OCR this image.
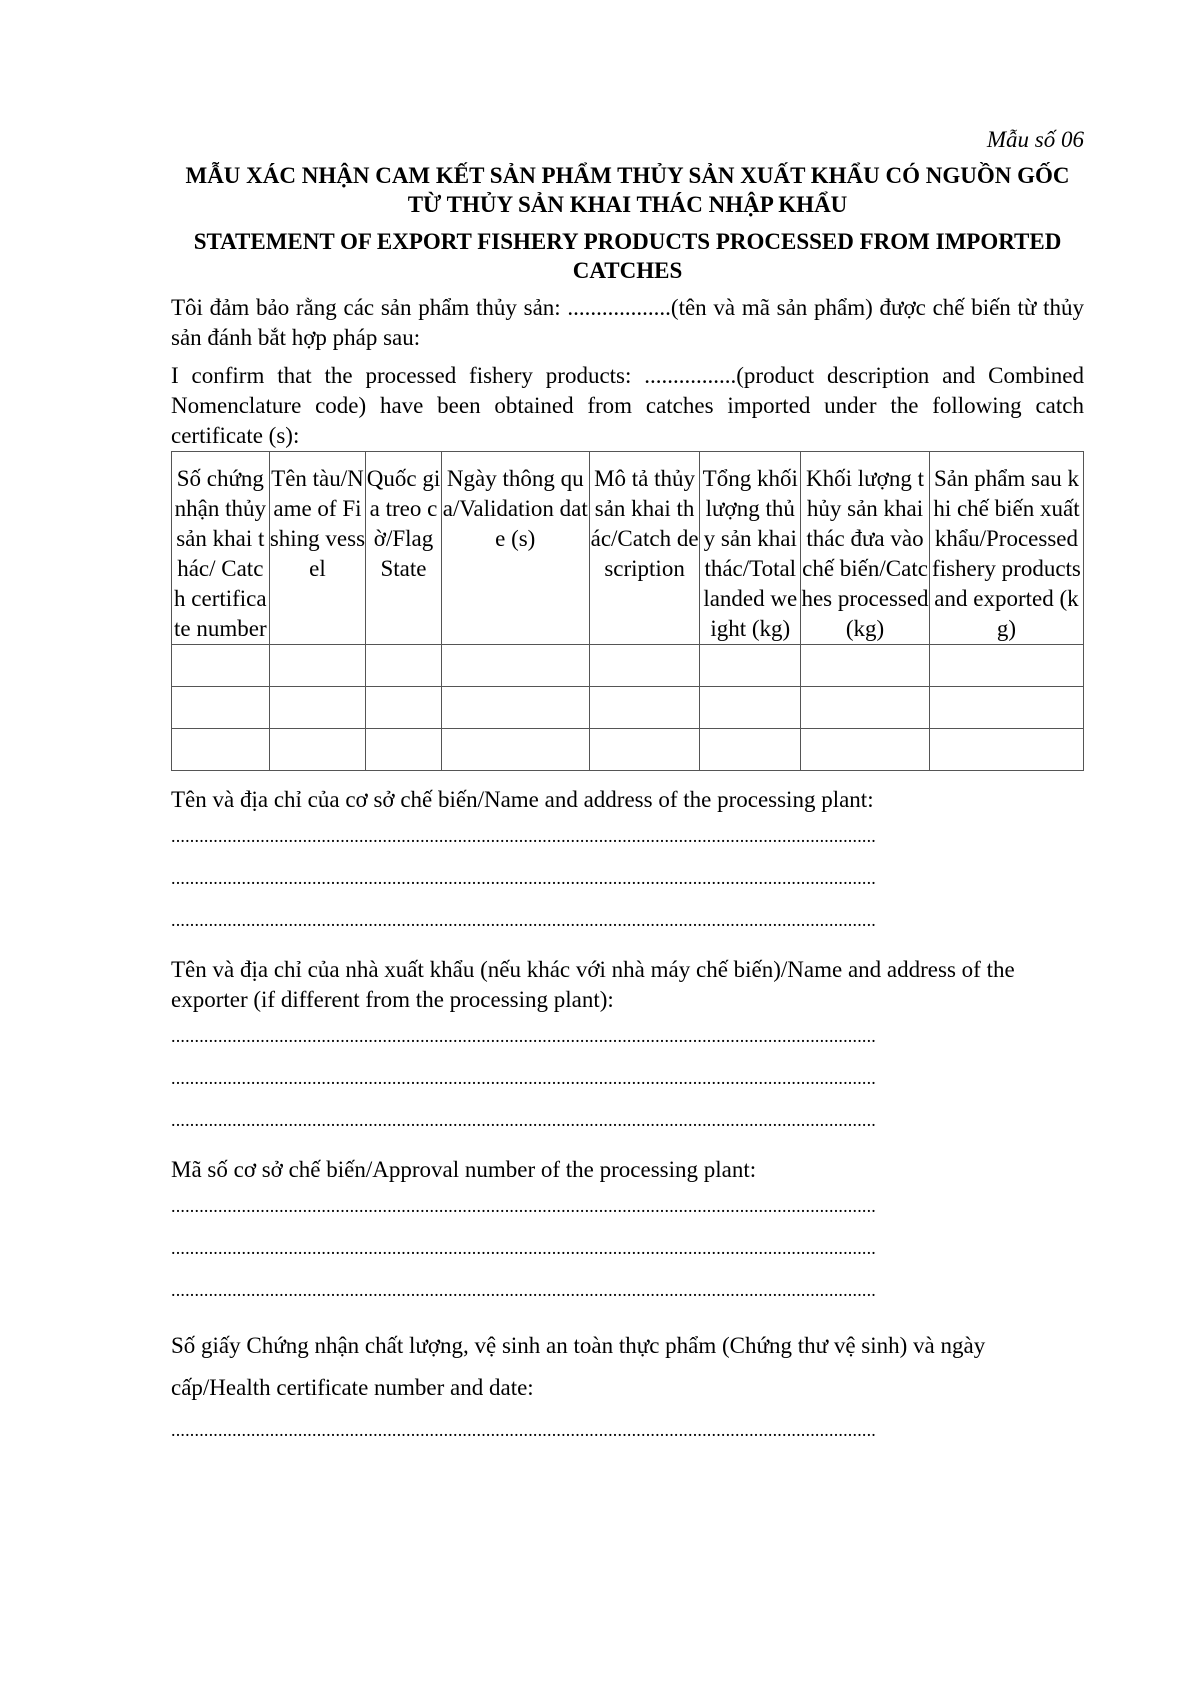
Mẫu số 06
MẪU XÁC NHẬN CAM KẾT SẢN PHẨM THỦY SẢN XUẤT KHẨU CÓ NGUỒN GỐC TỪ THỦY SẢN KHAI THÁC NHẬP KHẨU
STATEMENT OF EXPORT FISHERY PRODUCTS PROCESSED FROM IMPORTED CATCHES

Tôi đảm bảo rằng các sản phẩm thủy sản: ..................(tên và mã sản phẩm) được chế biến từ thủy sản đánh bắt hợp pháp sau:

I confirm that the processed fishery products: ................(product description and Combined Nomenclature code) have been obtained from catches imported under the following catch certificate (s):

Số chứng nhận thủy sản khai thác/ Catch certificate number	Tên tàu/Name of Fishing vessel	Quốc gia treo cờ/Flag State	Ngày thông qua/Validation date (s)	Mô tả thủy sản khai thác/Catch description	Tổng khối lượng thủy sản khai thác/Total landed weight (kg)	Khối lượng thủy sản khai thác đưa vào chế biến/Catches processed (kg)	Sản phẩm sau khi chế biến xuất khẩu/Processed fishery products and exported (kg)

Tên và địa chỉ của cơ sở chế biến/Name and address of the processing plant:

......................................................................................................................................................
......................................................................................................................................................
......................................................................................................................................................

Tên và địa chỉ của nhà xuất khẩu (nếu khác với nhà máy chế biến)/Name and address of the exporter (if different from the processing plant):

......................................................................................................................................................
......................................................................................................................................................
......................................................................................................................................................

Mã số cơ sở chế biến/Approval number of the processing plant:

......................................................................................................................................................
......................................................................................................................................................
......................................................................................................................................................

Số giấy Chứng nhận chất lượng, vệ sinh an toàn thực phẩm (Chứng thư vệ sinh) và ngày cấp/Health certificate number and date:

......................................................................................................................................................
